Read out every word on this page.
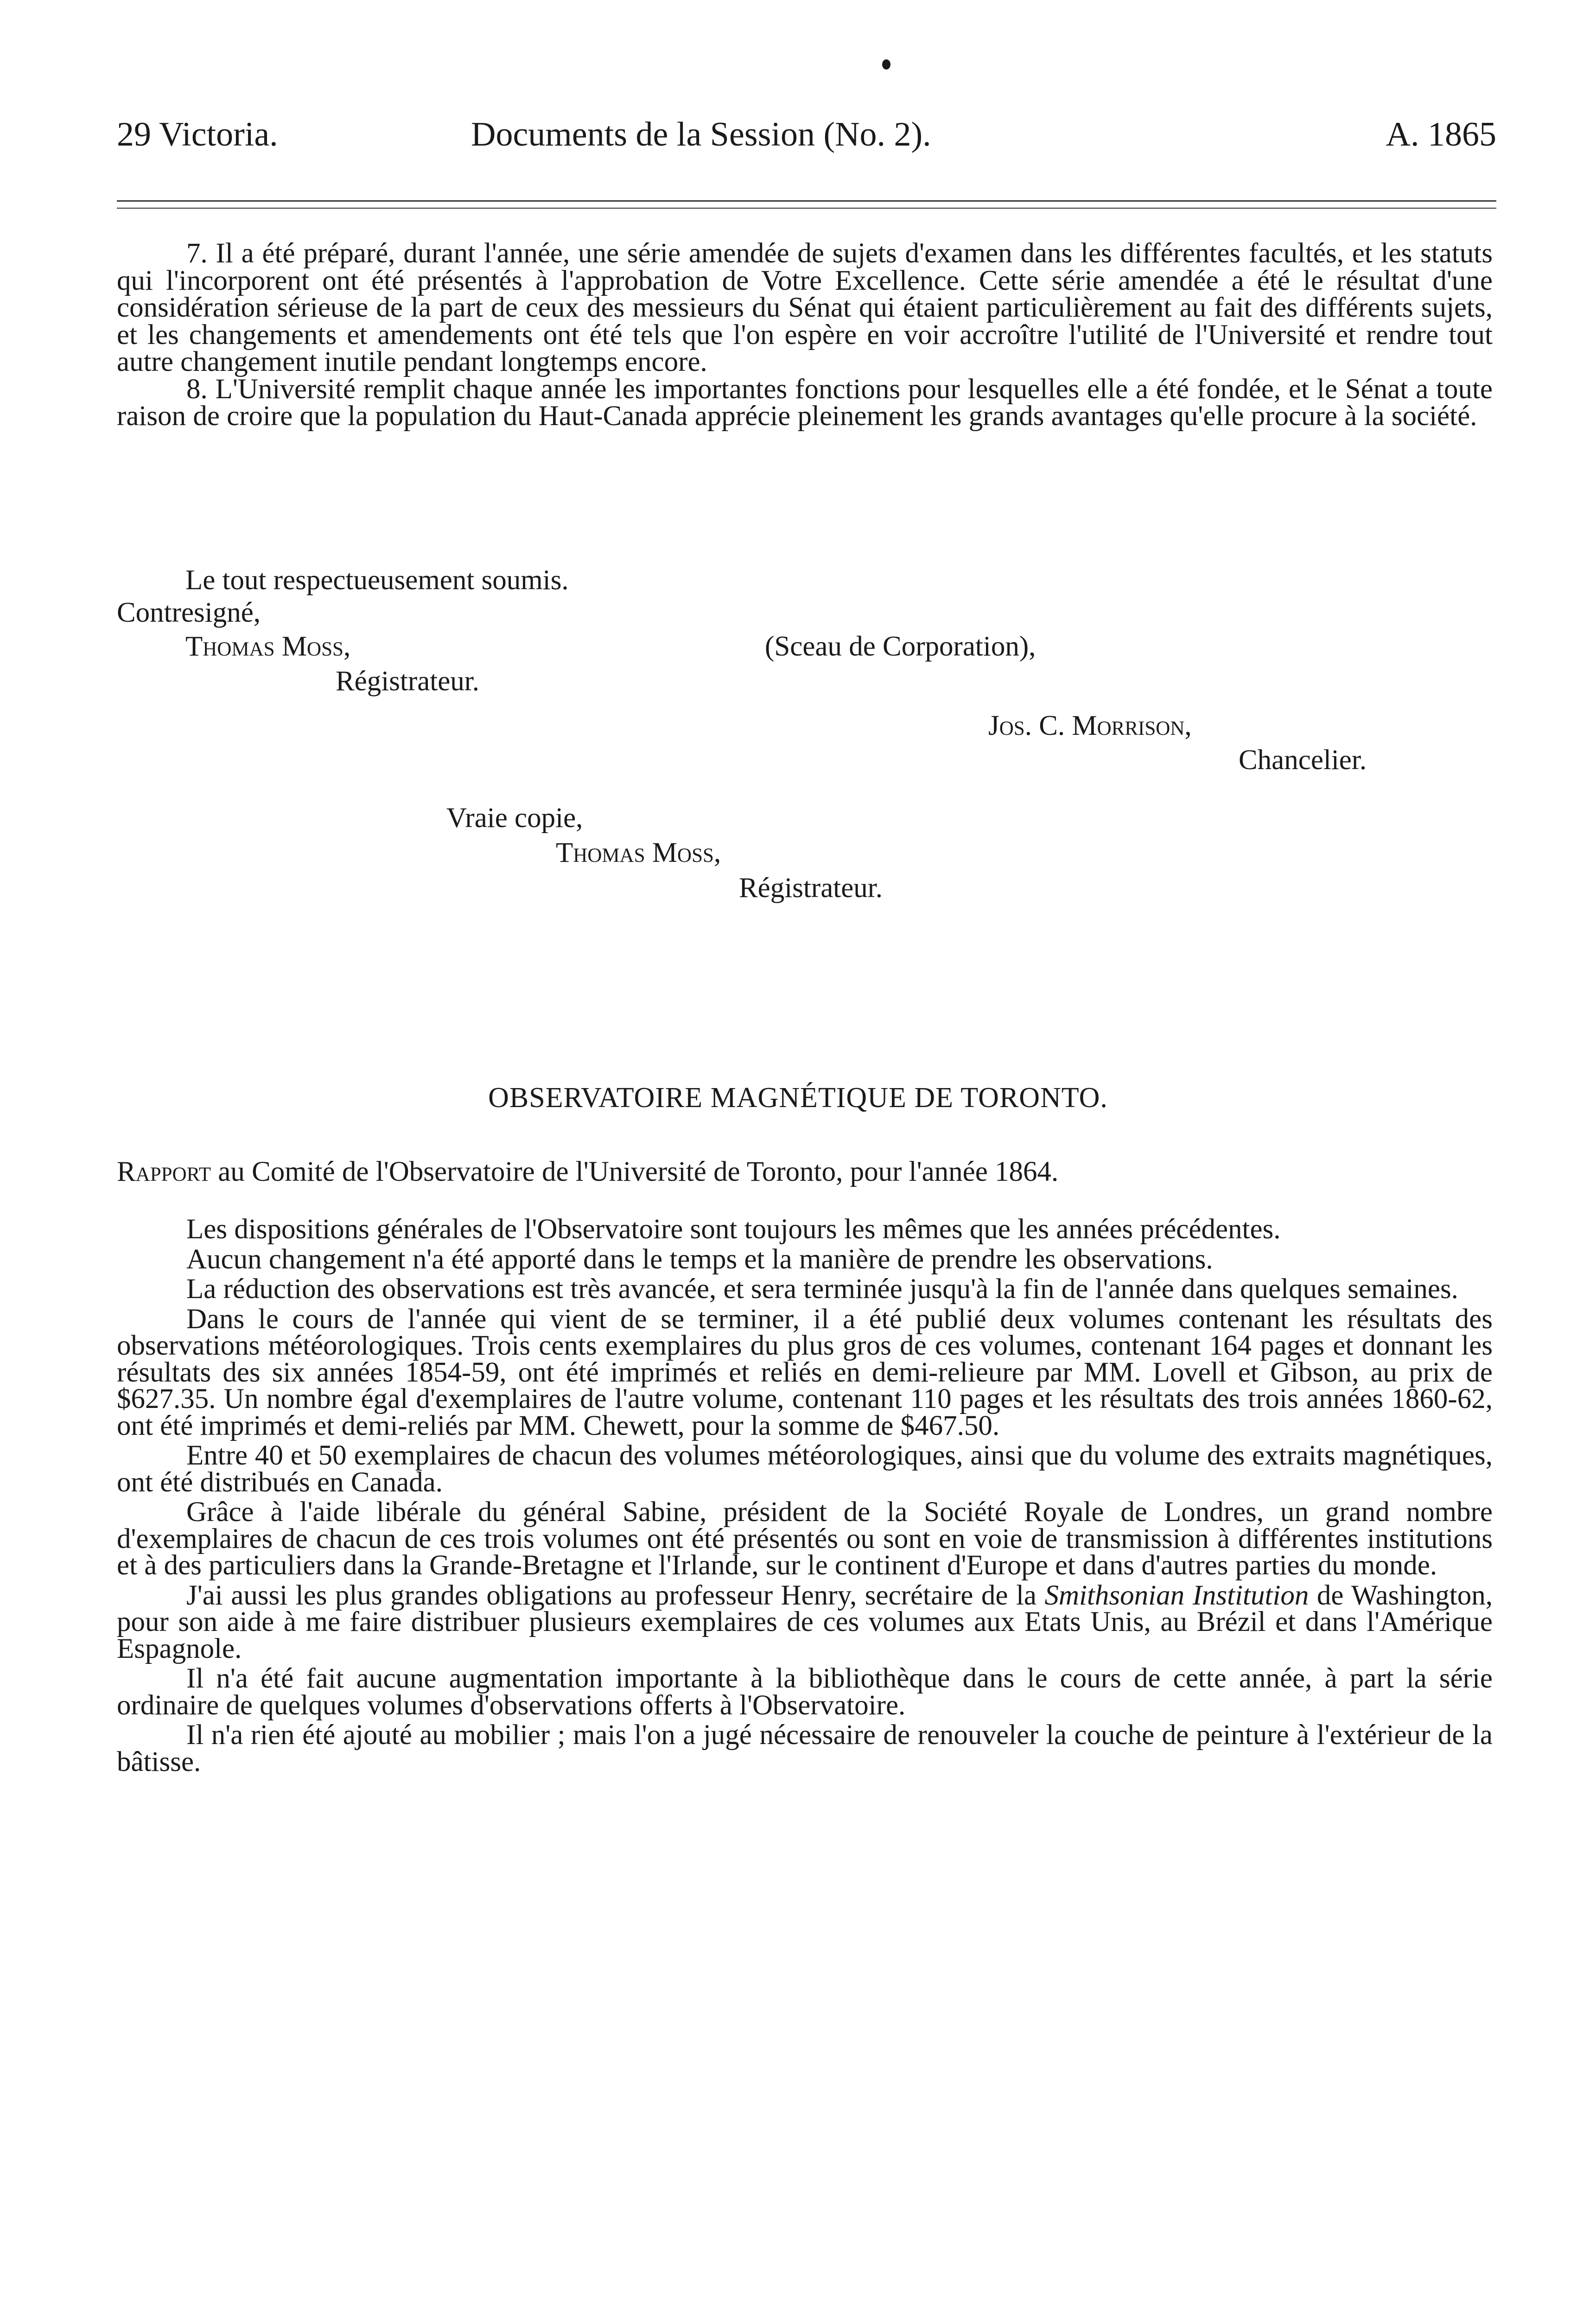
29 Victoria.	Documents de la Session (No. 2).	A. 1865

7. Il a été préparé, durant l'année, une série amendée de sujets d'examen dans les différentes facultés, et les statuts qui l'incorporent ont été présentés à l'approbation de Votre Excellence. Cette série amendée a été le résultat d'une considération sérieuse de la part de ceux des messieurs du Sénat qui étaient particulièrement au fait des différents sujets, et les changements et amendements ont été tels que l'on espère en voir accroître l'utilité de l'Université et rendre tout autre changement inutile pendant longtemps encore.

8. L'Université remplit chaque année les importantes fonctions pour lesquelles elle a été fondée, et le Sénat a toute raison de croire que la population du Haut-Canada apprécie pleinement les grands avantages qu'elle procure à la société.

Le tout respectueusement soumis.
Contresigné,
Thomas Moss,
Régistrateur.
(Sceau de Corporation),
Jos. C. Morrison,
Chancelier.
Vraie copie,
Thomas Moss,
Régistrateur.
OBSERVATOIRE MAGNÉTIQUE DE TORONTO.
Rapport au Comité de l'Observatoire de l'Université de Toronto, pour l'année 1864.

Les dispositions générales de l'Observatoire sont toujours les mêmes que les années précédentes.

Aucun changement n'a été apporté dans le temps et la manière de prendre les observations.

La réduction des observations est très avancée, et sera terminée jusqu'à la fin de l'année dans quelques semaines.

Dans le cours de l'année qui vient de se terminer, il a été publié deux volumes contenant les résultats des observations météorologiques. Trois cents exemplaires du plus gros de ces volumes, contenant 164 pages et donnant les résultats des six années 1854-59, ont été imprimés et reliés en demi-relieure par MM. Lovell et Gibson, au prix de $627.35. Un nombre égal d'exemplaires de l'autre volume, contenant 110 pages et les résultats des trois années 1860-62, ont été imprimés et demi-reliés par MM. Chewett, pour la somme de $467.50.

Entre 40 et 50 exemplaires de chacun des volumes météorologiques, ainsi que du volume des extraits magnétiques, ont été distribués en Canada.

Grâce à l'aide libérale du général Sabine, président de la Société Royale de Londres, un grand nombre d'exemplaires de chacun de ces trois volumes ont été présentés ou sont en voie de transmission à différentes institutions et à des particuliers dans la Grande-Bretagne et l'Irlande, sur le continent d'Europe et dans d'autres parties du monde.

J'ai aussi les plus grandes obligations au professeur Henry, secrétaire de la Smithsonian Institution de Washington, pour son aide à me faire distribuer plusieurs exemplaires de ces volumes aux Etats Unis, au Brézil et dans l'Amérique Espagnole.

Il n'a été fait aucune augmentation importante à la bibliothèque dans le cours de cette année, à part la série ordinaire de quelques volumes d'observations offerts à l'Observatoire.

Il n'a rien été ajouté au mobilier ; mais l'on a jugé nécessaire de renouveler la couche de peinture à l'extérieur de la bâtisse.
